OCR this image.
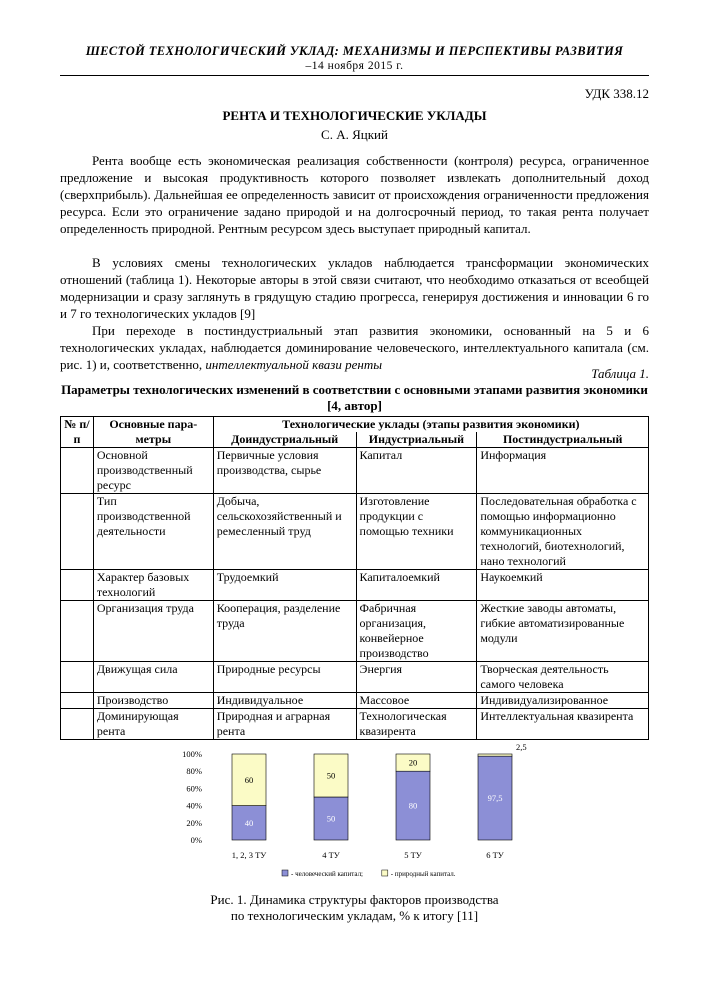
ШЕСТОЙ ТЕХНОЛОГИЧЕСКИЙ УКЛАД: МЕХАНИЗМЫ И ПЕРСПЕКТИВЫ РАЗВИТИЯ
–14 ноября 2015 г.
УДК 338.12
РЕНТА И ТЕХНОЛОГИЧЕСКИЕ УКЛАДЫ
С. А. Яцкий

Рента вообще есть экономическая реализация собственности (контроля) ресурса, ограниченное предложение и высокая продуктивность которого позволяет извлекать дополнительный доход (сверхприбыль). Дальнейшая ее определенность зависит от происхождения ограниченности предложения ресурса. Если это ограничение задано природой и на долгосрочный период, то такая рента получает определенность природной. Рентным ресурсом здесь выступает природный капитал.

В условиях смены технологических укладов наблюдается трансформации экономических отношений (таблица 1). Некоторые авторы в этой связи считают, что необходимо отказаться от всеобщей модернизации и сразу заглянуть в грядущую стадию прогресса, генерируя достижения и инновации 6 го и 7 го технологических укладов [9]

При переходе в постиндустриальный этап развития экономики, основанный на 5 и 6 технологических укладах, наблюдается доминирование человеческого, интеллектуального капитала (см. рис. 1) и, соответственно, интеллектуальной квази ренты

Таблица 1.
Параметры технологических изменений в соответствии с основными этапами развития экономики [4, автор]
№ п/п	Основные пара-метры	Технологические уклады (этапы развития экономики)		
		Доиндустриальный	Индустриальный	Постиндустриальный
	Основной производственный ресурс	Первичные условия производства, сырье	Капитал	Информация
	Тип производственной деятельности	Добыча, сельскохозяйственный и ремесленный труд	Изготовление продукции с помощью техники	Последовательная обработка с помощью информационно коммуникационных технологий, биотехнологий, нано технологий
	Характер базовых технологий	Трудоемкий	Капиталоемкий	Наукоемкий
	Организация труда	Кооперация, разделение труда	Фабричная организация, конвейерное производство	Жесткие заводы автоматы, гибкие автоматизированные модули
	Движущая сила	Природные ресурсы	Энергия	Творческая деятельность самого человека
	Производство	Индивидуальное	Массовое	Индивидуализированное
	Доминирующая рента	Природная и аграрная рента	Технологическая квазирента	Интеллектуальная квазирента
0%
20%
40%
60%
80%
100%
40
60
1, 2, 3 ТУ
50
50
4 ТУ
80
20
5 ТУ
97,5
2,5
6 ТУ
- человеческий капитал;	- природный капитал.
Рис. 1. Динамика структуры факторов производства
по технологическим укладам, % к итогу [11]
